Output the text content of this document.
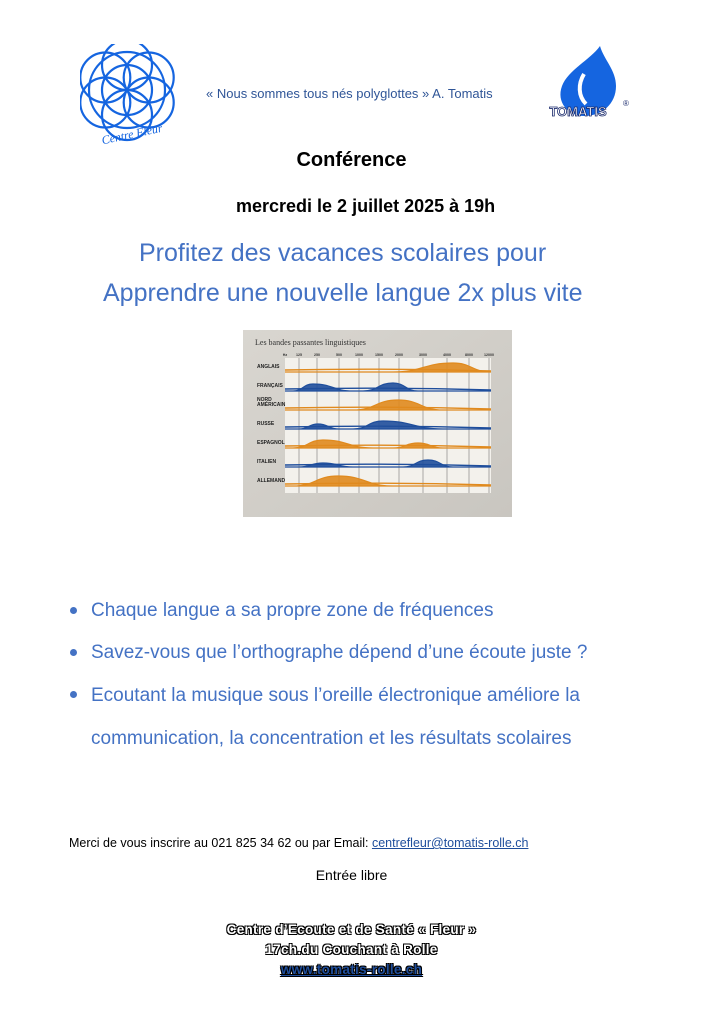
Centre Fleur
« Nous sommes tous nés polyglottes » A. Tomatis
TOMATIS
®
Conférence
mercredi le 2 juillet 2025 à 19h
Profitez des vacances scolaires pour
Apprendre une nouvelle langue 2x plus vite
Les bandes passantes linguistiques
Hz 125	250	500	1000	1500	2000	3000	4000	8000	12000
ANGLAIS
FRANÇAIS
NORD
AMÉRICAIN
RUSSE
ESPAGNOL
ITALIEN
ALLEMAND
Chaque langue a sa propre zone de fréquences
Savez-vous que l’orthographe dépend d’une écoute juste ?
Ecoutant la musique sous l’oreille électronique améliore la communication, la concentration et les résultats scolaires
Merci de vous inscrire au 021 825 34 62 ou par Email: centrefleur@tomatis-rolle.ch
Entrée libre
Centre d’Ecoute et de Santé « Fleur »
17ch.du Couchant à Rolle
www.tomatis-rolle.ch
